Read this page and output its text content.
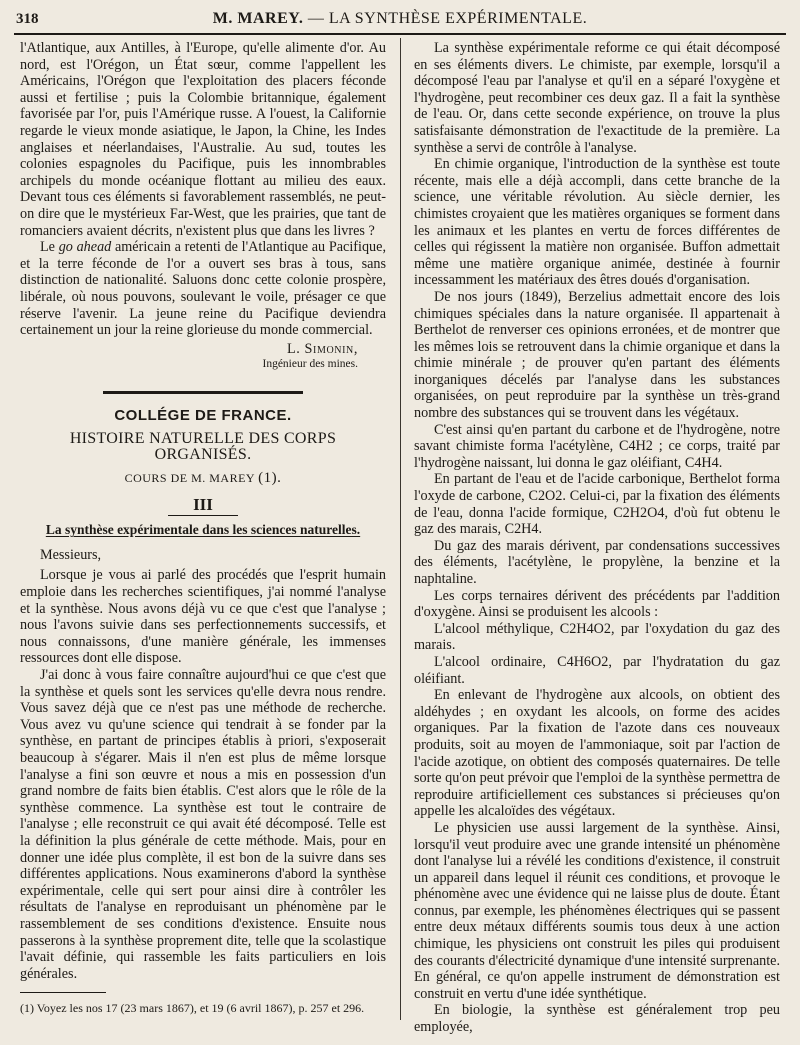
318	M. MAREY. — LA SYNTHÈSE EXPÉRIMENTALE.

l'Atlantique, aux Antilles, à l'Europe, qu'elle alimente d'or. Au nord, est l'Orégon, un État sœur, comme l'appellent les Américains, l'Orégon que l'exploitation des placers féconde aussi et fertilise ; puis la Colombie britannique, également favorisée par l'or, puis l'Amérique russe. A l'ouest, la Californie regarde le vieux monde asiatique, le Japon, la Chine, les Indes anglaises et néerlandaises, l'Australie. Au sud, toutes les colonies espagnoles du Pacifique, puis les innombrables archipels du monde océanique flottant au milieu des eaux. Devant tous ces éléments si favorablement rassemblés, ne peut-on dire que le mystérieux Far-West, que les prairies, que tant de romanciers avaient décrits, n'existent plus que dans les livres ?

Le go ahead américain a retenti de l'Atlantique au Pacifique, et la terre féconde de l'or a ouvert ses bras à tous, sans distinction de nationalité. Saluons donc cette colonie prospère, libérale, où nous pouvons, soulevant le voile, présager ce que réserve l'avenir. La jeune reine du Pacifique deviendra certainement un jour la reine glorieuse du monde commercial.

L. Simonin,
Ingénieur des mines.
COLLÉGE DE FRANCE.
HISTOIRE NATURELLE DES CORPS ORGANISÉS.
COURS DE M. MAREY (1).
III
La synthèse expérimentale dans les sciences naturelles.

Messieurs,

Lorsque je vous ai parlé des procédés que l'esprit humain emploie dans les recherches scientifiques, j'ai nommé l'analyse et la synthèse. Nous avons déjà vu ce que c'est que l'analyse ; nous l'avons suivie dans ses perfectionnements successifs, et nous connaissons, d'une manière générale, les immenses ressources dont elle dispose.

J'ai donc à vous faire connaître aujourd'hui ce que c'est que la synthèse et quels sont les services qu'elle devra nous rendre. Vous savez déjà que ce n'est pas une méthode de recherche. Vous avez vu qu'une science qui tendrait à se fonder par la synthèse, en partant de principes établis à priori, s'exposerait beaucoup à s'égarer. Mais il n'en est plus de même lorsque l'analyse a fini son œuvre et nous a mis en possession d'un grand nombre de faits bien établis. C'est alors que le rôle de la synthèse commence. La synthèse est tout le contraire de l'analyse ; elle reconstruit ce qui avait été décomposé. Telle est la définition la plus générale de cette méthode. Mais, pour en donner une idée plus complète, il est bon de la suivre dans ses différentes applications. Nous examinerons d'abord la synthèse expérimentale, celle qui sert pour ainsi dire à contrôler les résultats de l'analyse en reproduisant un phénomène par le rassemblement de ses conditions d'existence. Ensuite nous passerons à la synthèse proprement dite, telle que la scolastique l'avait définie, qui rassemble les faits particuliers en lois générales.

(1) Voyez les nos 17 (23 mars 1867), et 19 (6 avril 1867), p. 257 et 296.

La synthèse expérimentale reforme ce qui était décomposé en ses éléments divers. Le chimiste, par exemple, lorsqu'il a décomposé l'eau par l'analyse et qu'il en a séparé l'oxygène et l'hydrogène, peut recombiner ces deux gaz. Il a fait la synthèse de l'eau. Or, dans cette seconde expérience, on trouve la plus satisfaisante démonstration de l'exactitude de la première. La synthèse a servi de contrôle à l'analyse.

En chimie organique, l'introduction de la synthèse est toute récente, mais elle a déjà accompli, dans cette branche de la science, une véritable révolution. Au siècle dernier, les chimistes croyaient que les matières organiques se forment dans les animaux et les plantes en vertu de forces différentes de celles qui régissent la matière non organisée. Buffon admettait même une matière organique animée, destinée à fournir incessamment les matériaux des êtres doués d'organisation.

De nos jours (1849), Berzelius admettait encore des lois chimiques spéciales dans la nature organisée. Il appartenait à Berthelot de renverser ces opinions erronées, et de montrer que les mêmes lois se retrouvent dans la chimie organique et dans la chimie minérale ; de prouver qu'en partant des éléments inorganiques décelés par l'analyse dans les substances organisées, on peut reproduire par la synthèse un très-grand nombre des substances qui se trouvent dans les végétaux.

C'est ainsi qu'en partant du carbone et de l'hydrogène, notre savant chimiste forma l'acétylène, C4H2 ; ce corps, traité par l'hydrogène naissant, lui donna le gaz oléifiant, C4H4.

En partant de l'eau et de l'acide carbonique, Berthelot forma l'oxyde de carbone, C2O2. Celui-ci, par la fixation des éléments de l'eau, donna l'acide formique, C2H2O4, d'où fut obtenu le gaz des marais, C2H4.

Du gaz des marais dérivent, par condensations successives des éléments, l'acétylène, le propylène, la benzine et la naphtaline.

Les corps ternaires dérivent des précédents par l'addition d'oxygène. Ainsi se produisent les alcools :

L'alcool méthylique, C2H4O2, par l'oxydation du gaz des marais.

L'alcool ordinaire, C4H6O2, par l'hydratation du gaz oléifiant.

En enlevant de l'hydrogène aux alcools, on obtient des aldéhydes ; en oxydant les alcools, on forme des acides organiques. Par la fixation de l'azote dans ces nouveaux produits, soit au moyen de l'ammoniaque, soit par l'action de l'acide azotique, on obtient des composés quaternaires. De telle sorte qu'on peut prévoir que l'emploi de la synthèse permettra de reproduire artificiellement ces substances si précieuses qu'on appelle les alcaloïdes des végétaux.

Le physicien use aussi largement de la synthèse. Ainsi, lorsqu'il veut produire avec une grande intensité un phénomène dont l'analyse lui a révélé les conditions d'existence, il construit un appareil dans lequel il réunit ces conditions, et provoque le phénomène avec une évidence qui ne laisse plus de doute. Étant connus, par exemple, les phénomènes électriques qui se passent entre deux métaux différents soumis tous deux à une action chimique, les physiciens ont construit les piles qui produisent des courants d'électricité dynamique d'une intensité surprenante. En général, ce qu'on appelle instrument de démonstration est construit en vertu d'une idée synthétique.

En biologie, la synthèse est généralement trop peu employée,
